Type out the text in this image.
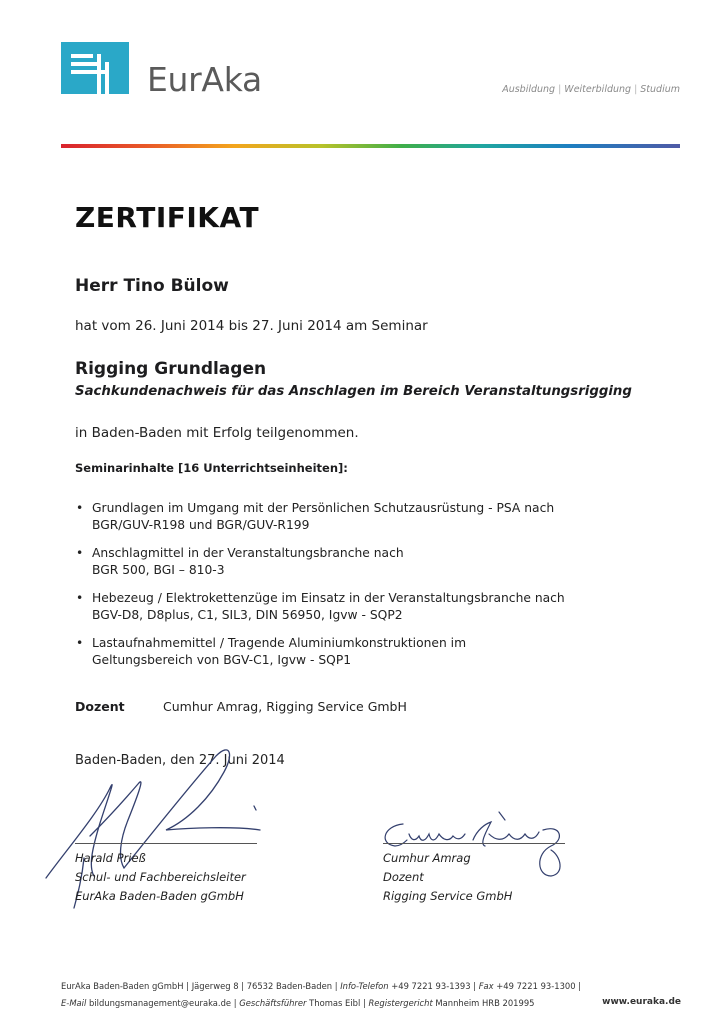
EurAka	Ausbildung | Weiterbildung | Studium
ZERTIFIKAT
Herr Tino Bülow
hat vom 26. Juni 2014 bis 27. Juni 2014 am Seminar
Rigging Grundlagen
Sachkundenachweis für das Anschlagen im Bereich Veranstaltungsrigging
in Baden-Baden mit Erfolg teilgenommen.
Seminarinhalte [16 Unterrichtseinheiten]:
• Grundlagen im Umgang mit der Persönlichen Schutzausrüstung - PSA nach
BGR/GUV-R198 und BGR/GUV-R199
• Anschlagmittel in der Veranstaltungsbranche nach
BGR 500, BGI – 810-3
• Hebezeug / Elektrokettenzüge im Einsatz in der Veranstaltungsbranche nach
BGV-D8, D8plus, C1, SIL3, DIN 56950, Igvw - SQP2
• Lastaufnahmemittel / Tragende Aluminiumkonstruktionen im
Geltungsbereich von BGV-C1, Igvw - SQP1
Dozent	Cumhur Amrag, Rigging Service GmbH
Baden-Baden, den 27. Juni 2014
Harald Prieß
Schul- und Fachbereichsleiter
EurAka Baden-Baden gGmbH
Cumhur Amrag
Dozent
Rigging Service GmbH
EurAka Baden-Baden gGmbH | Jägerweg 8 | 76532 Baden-Baden | Info-Telefon +49 7221 93-1393 | Fax +49 7221 93-1300 |
E-Mail bildungsmanagement@euraka.de | Geschäftsführer Thomas Eibl | Registergericht Mannheim HRB 201995	www.euraka.de
